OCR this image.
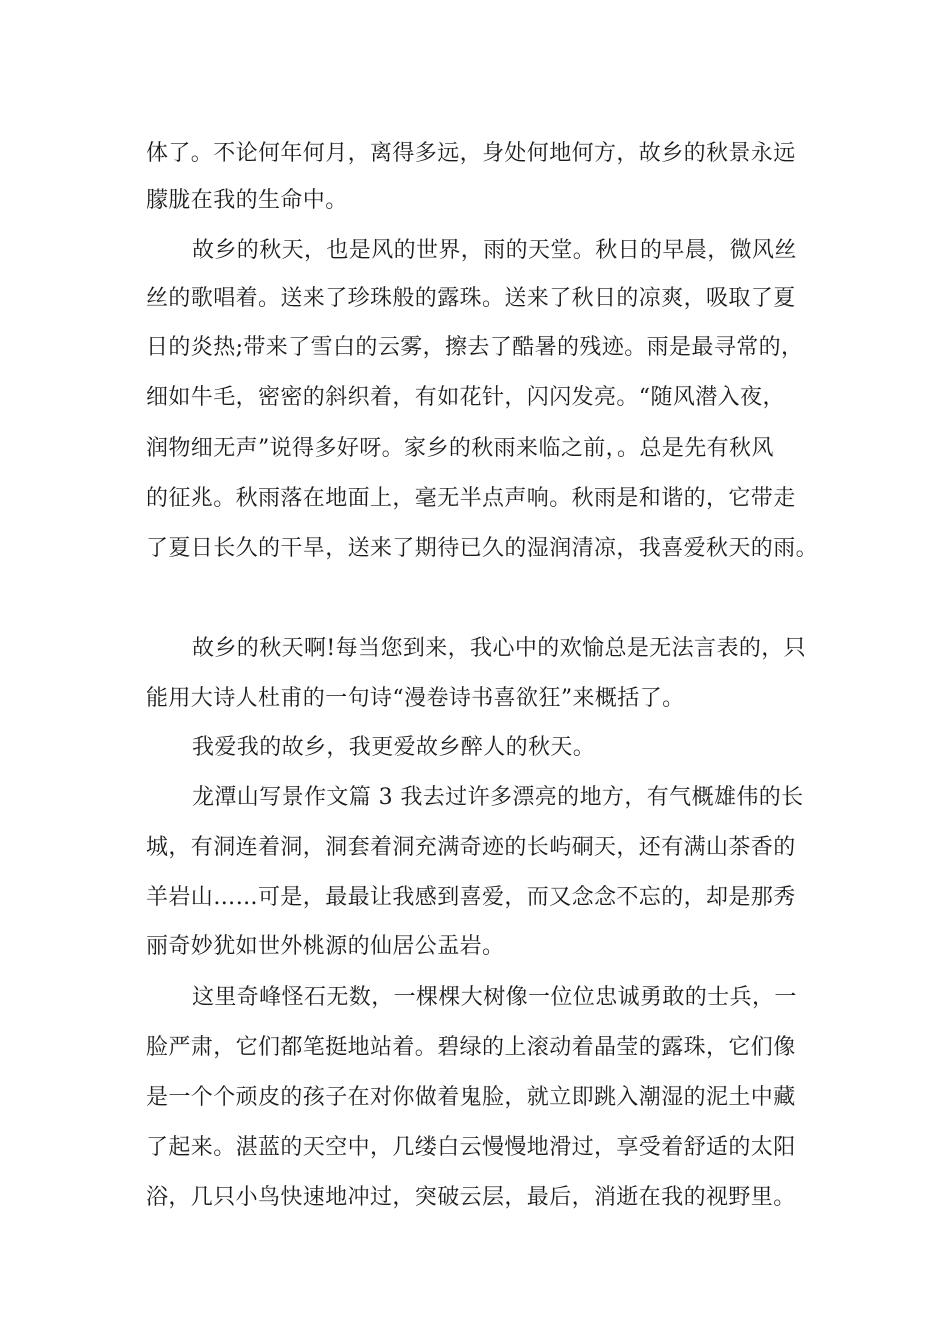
体了。不论何年何月，离得多远，身处何地何方，故乡的秋景永远
朦胧在我的生命中。
故乡的秋天，也是风的世界，雨的天堂。秋日的早晨，微风丝
丝的歌唱着。送来了珍珠般的露珠。送来了秋日的凉爽，吸取了夏
日的炎热;带来了雪白的云雾，擦去了酷暑的残迹。雨是最寻常的，
细如牛毛，密密的斜织着，有如花针，闪闪发亮。“随风潜入夜，
润物细无声”说得多好呀。家乡的秋雨来临之前，。总是先有秋风
的征兆。秋雨落在地面上，毫无半点声响。秋雨是和谐的，它带走
了夏日长久的干旱，送来了期待已久的湿润清凉，我喜爱秋天的雨。
故乡的秋天啊!每当您到来，我心中的欢愉总是无法言表的，只
能用大诗人杜甫的一句诗“漫卷诗书喜欲狂”来概括了。
我爱我的故乡，我更爱故乡醉人的秋天。
龙潭山写景作文篇 3 我去过许多漂亮的地方，有气概雄伟的长
城，有洞连着洞，洞套着洞充满奇迹的长屿硐天，还有满山茶香的
羊岩山……可是，最最让我感到喜爱，而又念念不忘的，却是那秀
丽奇妙犹如世外桃源的仙居公盂岩。
这里奇峰怪石无数，一棵棵大树像一位位忠诚勇敢的士兵，一
脸严肃，它们都笔挺地站着。碧绿的上滚动着晶莹的露珠，它们像
是一个个顽皮的孩子在对你做着鬼脸，就立即跳入潮湿的泥土中藏
了起来。湛蓝的天空中，几缕白云慢慢地滑过，享受着舒适的太阳
浴，几只小鸟快速地冲过，突破云层，最后，消逝在我的视野里。
